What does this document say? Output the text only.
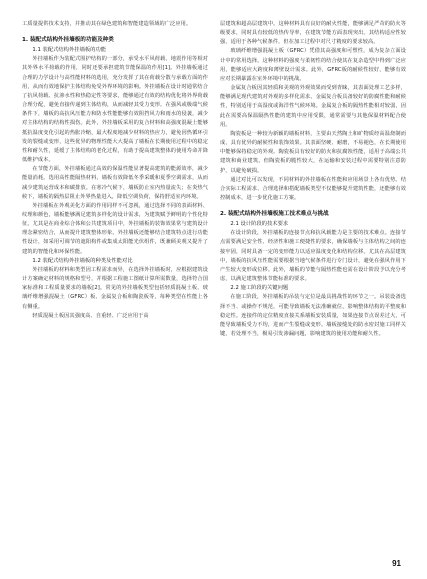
工质量提供技术支持，并推动其在绿色建筑和智能建造领域的广泛应用。

1. 装配式结构外挂墙板的功能及种类

1.1 装配式结构外挂墙板的功能

外挂墙板作为装配式围护结构的一部分，承受水平风荷载、地震作用等相对其外界水平荷载的作用，同时还要承担建筑节能保温的作用[1]。外挂墙板通过合理的力学设计与高性能材料的选用，充分发挥了其在荷载分散与承载方面的作用，从而有效地保护主体结构免受外界环境的影响。外挂墙板在设计时通常结合了抗风荷载、抗渗水性和热稳定性等要求，能够通过有效的结构优化将外界荷载合理分配，避免直接传递到主体结构，从而减轻其受力变形。在强风或极端气候条件下，墙板的高抗风压能力和防水性能能够有效阻挡风力和雨水的侵袭，减少对主体结构的结构性损伤。此外，外挂墙板采用的复合材料和高强度混凝土能够抵抗温度变化引起的热胀冷缩，最大程度地减少材料的热应力，避免因热循环引发的裂缝或变形，这些优异的物理性能大大提高了墙板在长期使用过程中的稳定性和耐久性，延缓了主体结构的老化过程，有助于提高建筑整体的使用寿命并降低维护成本。

在节能方面，外挂墙板通过高效的保温性能显著提高建筑的能源效率，减少能量消耗。选用高性能隔热材料，墙板有效降低冬季采暖和夏季空调需求，从而减少建筑运营成本和碳排放。在寒冷气候下，墙板防止室内热量流失；在炎热气候下，墙板的隔热层阻止外界热量进入，降低空调负荷，保持舒适室内环境。

外挂墙板在外观美化方面的作用同样不可忽视，通过选择不同的表面材料、纹理和颜色，墙板能够满足建筑多样化的设计需求，为建筑赋予鲜明的个性化特征。尤其是在商业综合体和公共建筑项目中，外挂墙板的装饰效果常与建筑设计理念紧密结合，从而提升建筑整体形象。外挂墙板还能够结合建筑特点进行功能性设计，如采用可调节的遮阳构件或集成太阳能光伏组件，既兼顾美观又提升了建筑的智能化和环保性能。

1.2 装配式结构外挂墙板的种类及性能对比

外挂墙板的材料和类型因工程需求而异，在选择外挂墙板时，应根据建筑设计方案确定材料的规格和型号，并根据工程施工图纸计算所需数量，选择符合国家标准和工程质量要求的墙板[2]。常见的外挂墙板类型包括轻质混凝土板、玻璃纤维增强混凝土（GFRC）板、金属复合板和陶瓷板等，每种类型在性能上各有侧重。

轻质混凝土板因其强度高、自重轻、广泛应用于高

层建筑和超高层建筑中。这种材料具有良好的耐火性能，能够满足严苛的防火等级要求，同时具有较低的热传导率，在建筑节能方面表现突出。其结构适应性较强，适用于各种气候条件，但在加工过程中对尺寸精度的要求较高。

玻璃纤维增强混凝土板（GFRC）凭借其高强度和可塑性，成为复杂立面设计中的常用选择。这种材料的强度与柔韧性的结合使其在复杂造型中得到广泛应用，能够适应大跨度和薄壁设计需求。此外，GFRC板的耐候性较好，能够有效应对长期暴露在室外环境中的挑战。

金属复合板因其轻质和美观的外观效果而受到青睐，其表面处理工艺多样，能够满足现代建筑对外观的多样化需求。金属复合板具备较好的防腐性能和耐候性，特别适用于高湿度或海洋性气候环境。金属复合板的隔热性能相对较弱，因此在需要高保温隔热性能的建筑中应用受限，通常需要与其他保温材料配合使用。

陶瓷板是一种较为新颖的墙板材料，主要由天然陶土和矿物质经高温烧制而成，具有优异的耐候性和装饰效果。其表面坚硬、耐磨，不易褪色，在长期使用中能够保持稳定的外观。陶瓷板具有较好的防火和抗腐蚀性能，适用于高端公共建筑和商业建筑。但陶瓷板的脆性较大，在运输和安装过程中需要特别注意防护，以避免破损。

通过对比可以发现，不同材料的外挂墙板在性能和应用场景上各有优势。结合实际工程需求、合理选择和搭配墙板类型不仅能够提升建筑性能，还能够有效控制成本，进一步优化施工方案。

2. 装配式结构外挂墙板施工技术难点与挑战

2.1 设计阶段的技术要求

在设计阶段，外挂墙板的连接节点和抗风载能力是主要的技术难点。连接节点需要满足安全性、经济性和施工便捷性的要求，确保墙板与主体结构之间的连接牢固，同时具备一定的变形能力以适应温度变化和结构位移。尤其在高层建筑中，墙板的抗风压性能需要根据当地气候条件进行专门设计，避免在强风作用下产生较大变形或位移。此外，墙板的节能与隔热性能也需在设计阶段予以充分考虑，以满足建筑整体节能标准的要求。

2.2 施工阶段的关键问题

在施工阶段，外挂墙板的吊装与定位是最具挑战性的环节之一。吊装设备选择不当、或操作不规范，可能导致墙板无法准确就位，影响整体结构的平整度和稳定性。连接件的定位精度直接关系墙板安装质量，如果连接节点误差过大，可能导致墙板受力不均，进而产生裂缝或变形。墙板接缝处的防水密封施工同样关键，若处理不当，极易引发渗漏问题，影响建筑的使用功能和耐久性。

91
